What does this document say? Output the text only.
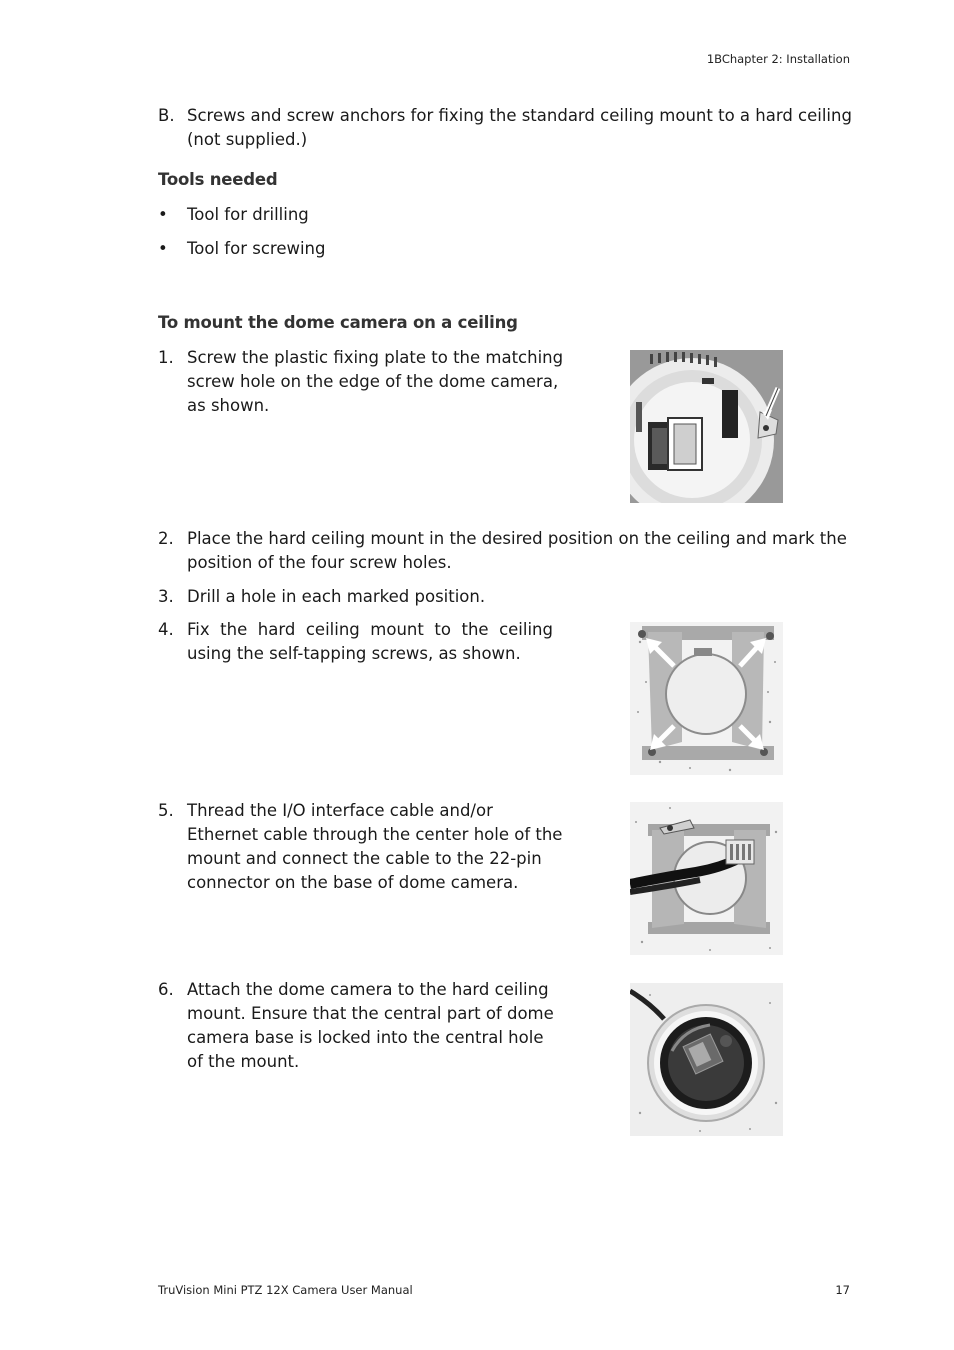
1BChapter 2: Installation
B. Screws and screw anchors for fixing the standard ceiling mount to a hard ceiling
(not supplied.)
Tools needed
• Tool for drilling
• Tool for screwing
To mount the dome camera on a ceiling
1. Screw the plastic fixing plate to the matching
screw hole on the edge of the dome camera,
as shown.
2. Place the hard ceiling mount in the desired position on the ceiling and mark the
position of the four screw holes.
3. Drill a hole in each marked position.
4. Fix the hard ceiling mount to the ceiling
using the self-tapping screws, as shown.
5. Thread the I/O interface cable and/or
Ethernet cable through the center hole of the
mount and connect the cable to the 22-pin
connector on the base of dome camera.
6. Attach the dome camera to the hard ceiling
mount. Ensure that the central part of dome
camera base is locked into the central hole
of the mount.
TruVision Mini PTZ 12X Camera User Manual	17
